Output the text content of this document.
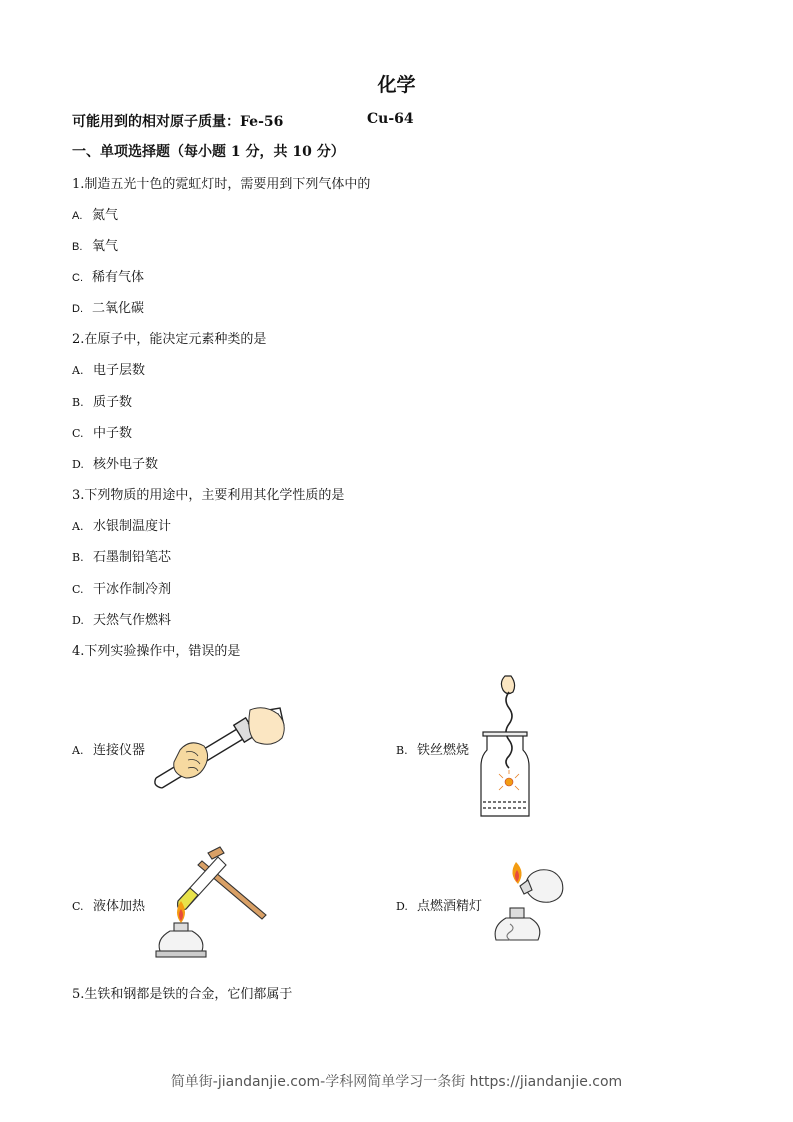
化学
可能用到的相对原子质量：Fe-56	Cu-64
一、单项选择题（每小题 1 分，共 10 分）
1.制造五光十色的霓虹灯时，需要用到下列气体中的
A. 氮气
B. 氧气
C. 稀有气体
D. 二氧化碳
2.在原子中，能决定元素种类的是
A. 电子层数
B. 质子数
C. 中子数
D. 核外电子数
3.下列物质的用途中，主要利用其化学性质的是
A. 水银制温度计
B. 石墨制铅笔芯
C. 干冰作制冷剂
D. 天然气作燃料
4.下列实验操作中，错误的是
A. 连接仪器	B. 铁丝燃烧
C. 液体加热	D. 点燃酒精灯
5.生铁和钢都是铁的合金，它们都属于
简单街-jiandanjie.com-学科网简单学习一条街 https://jiandanjie.com
